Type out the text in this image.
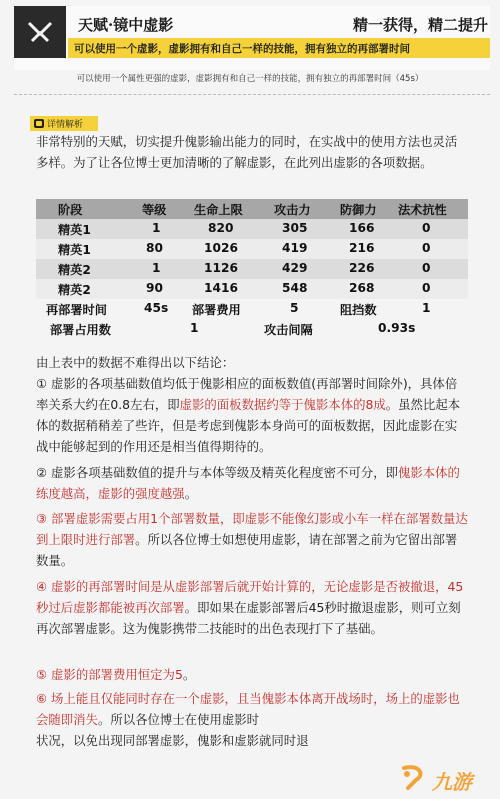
天赋·镜中虚影	精一获得，精二提升
可以使用一个虚影，虚影拥有和自己一样的技能，拥有独立的再部署时间
可以使用一个属性更强的虚影，虚影拥有和自己一样的技能，拥有独立的再部署时间（45s）
详情解析
非常特别的天赋，切实提升傀影输出能力的同时，在实战中的使用方法也灵活多样。为了让各位博士更加清晰的了解虚影，在此列出虚影的各项数据。
阶段	等级 生命上限	攻击力 防御力 法术抗性
精英1	1	820	305	166	0
精英1	80	1026	419	216	0
精英2	1	1126	429	226	0
精英2	90	1416	548	268	0
再部署时间	45s 部署费用	5	阻挡数	1
部署占用数	1	攻击间隔	0.93s
由上表中的数据不难得出以下结论：
① 虚影的各项基础数值均低于傀影相应的面板数值(再部署时间除外)，具体倍率关系大约在0.8左右，即虚影的面板数据约等于傀影本体的8成。虽然比起本体的数据稍稍差了些许，但是考虑到傀影本身尚可的面板数据，因此虚影在实战中能够起到的作用还是相当值得期待的。
② 虚影各项基础数值的提升与本体等级及精英化程度密不可分，即傀影本体的练度越高，虚影的强度越强。
③ 部署虚影需要占用1个部署数量，即虚影不能像幻影或小车一样在部署数量达到上限时进行部署。所以各位博士如想使用虚影，请在部署之前为它留出部署数量。
④ 虚影的再部署时间是从虚影部署后就开始计算的，无论虚影是否被撤退，45秒过后虚影都能被再次部署。即如果在虚影部署后45秒时撤退虚影，则可立刻再次部署虚影。这为傀影携带二技能时的出色表现打下了基础。
⑤ 虚影的部署费用恒定为5。
⑥ 场上能且仅能同时存在一个虚影，且当傀影本体离开战场时，场上的虚影也会随即消失。所以各位博士在使用虚影时
状况，以免出现同部署虚影，傀影和虚影就同时退
九游
